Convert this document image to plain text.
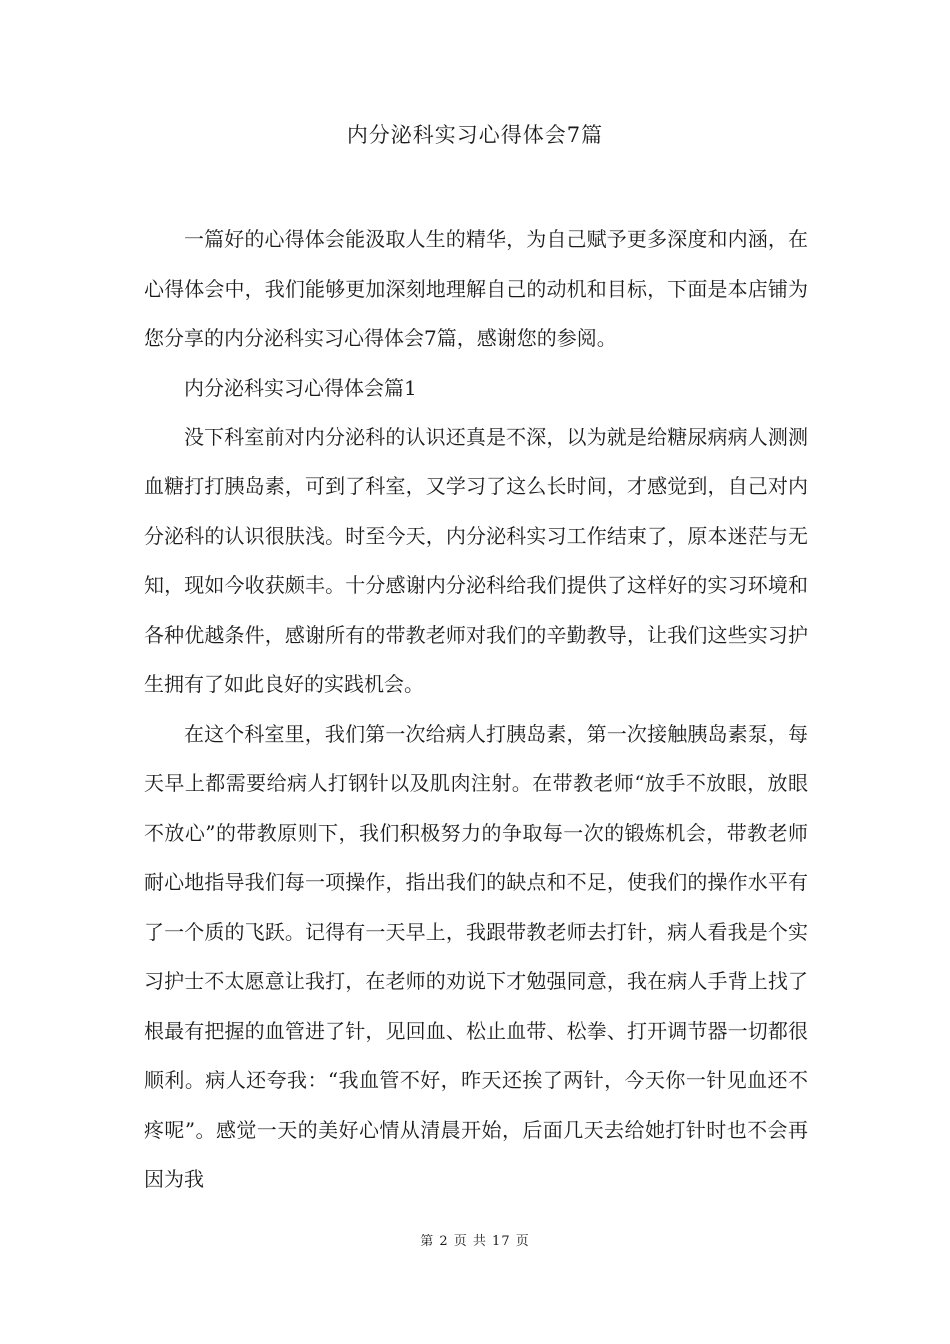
内分泌科实习心得体会7篇

一篇好的心得体会能汲取人生的精华，为自己赋予更多深度和内涵，在心得体会中，我们能够更加深刻地理解自己的动机和目标，下面是本店铺为您分享的内分泌科实习心得体会7篇，感谢您的参阅。

内分泌科实习心得体会篇1

没下科室前对内分泌科的认识还真是不深，以为就是给糖尿病病人测测血糖打打胰岛素，可到了科室，又学习了这么长时间，才感觉到，自己对内分泌科的认识很肤浅。时至今天，内分泌科实习工作结束了，原本迷茫与无知，现如今收获颇丰。十分感谢内分泌科给我们提供了这样好的实习环境和各种优越条件，感谢所有的带教老师对我们的辛勤教导，让我们这些实习护生拥有了如此良好的实践机会。

在这个科室里，我们第一次给病人打胰岛素，第一次接触胰岛素泵，每天早上都需要给病人打钢针以及肌肉注射。在带教老师“放手不放眼，放眼不放心”的带教原则下，我们积极努力的争取每一次的锻炼机会，带教老师耐心地指导我们每一项操作，指出我们的缺点和不足，使我们的操作水平有了一个质的飞跃。记得有一天早上，我跟带教老师去打针，病人看我是个实习护士不太愿意让我打，在老师的劝说下才勉强同意，我在病人手背上找了根最有把握的血管进了针，见回血、松止血带、松拳、打开调节器一切都很顺利。病人还夸我：“我血管不好，昨天还挨了两针，今天你一针见血还不疼呢”。感觉一天的美好心情从清晨开始，后面几天去给她打针时也不会再因为我

第 2 页 共 17 页
